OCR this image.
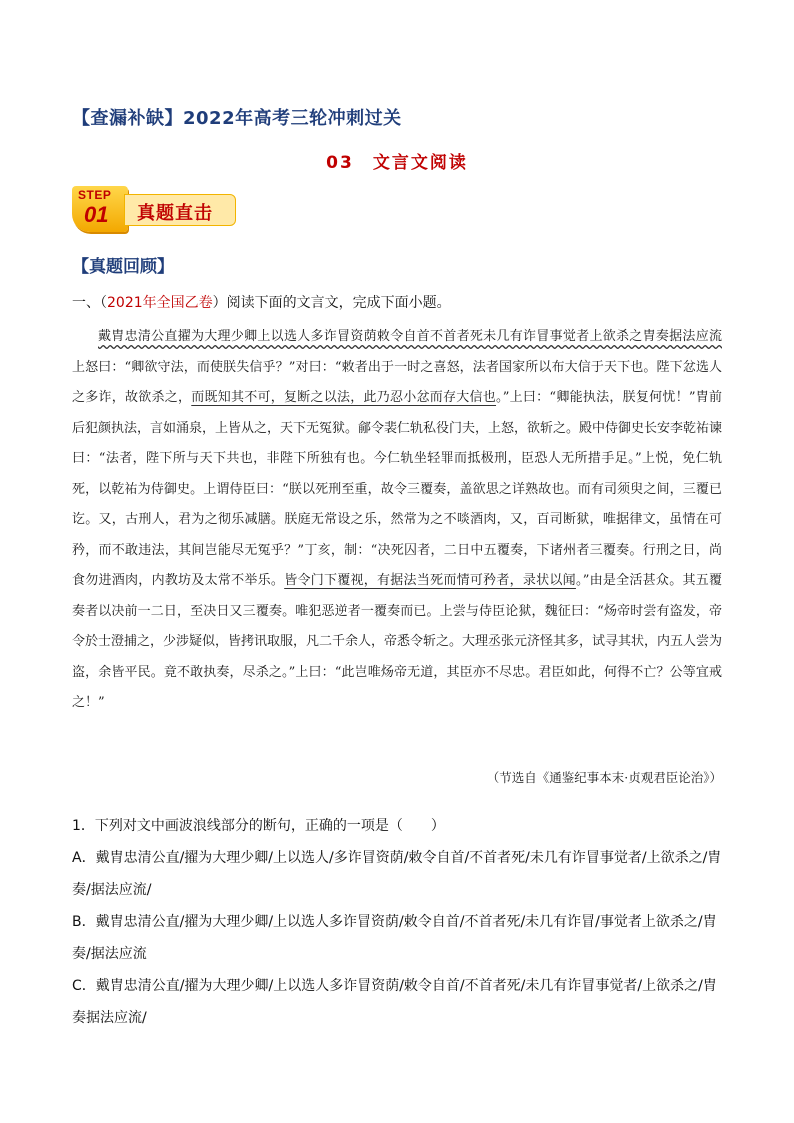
【查漏补缺】2022年高考三轮冲刺过关
03　文言文阅读
STEP
01 真题直击
【真题回顾】
一、（2021年全国乙卷）阅读下面的文言文，完成下面小题。
戴胄忠清公直擢为大理少卿上以选人多诈冒资荫敕令自首不首者死未几有诈冒事觉者上欲杀之胄奏据法应流上怒曰：“卿欲守法，而使朕失信乎？”对曰：“敕者出于一时之喜怒，法者国家所以布大信于天下也。陛下忿选人之多诈，故欲杀之，而既知其不可，复断之以法，此乃忍小忿而存大信也。”上曰：“卿能执法，朕复何忧！”胄前后犯颜执法，言如涌泉，上皆从之，天下无冤狱。鄃令裴仁轨私役门夫，上怒，欲斩之。殿中侍御史长安李乾祐谏曰：“法者，陛下所与天下共也，非陛下所独有也。今仁轨坐轻罪而抵极刑，臣恐人无所措手足。”上悦，免仁轨死，以乾祐为侍御史。上谓侍臣曰：“朕以死刑至重，故令三覆奏，盖欲思之详熟故也。而有司须臾之间，三覆已讫。又，古刑人，君为之彻乐减膳。朕庭无常设之乐，然常为之不啖酒肉，又，百司断狱，唯据律文，虽情在可矜，而不敢违法，其间岂能尽无冤乎？”丁亥，制：“决死囚者，二日中五覆奏，下诸州者三覆奏。行刑之日，尚食勿进酒肉，内教坊及太常不举乐。皆令门下覆视，有据法当死而情可矜者，录状以闻。”由是全活甚众。其五覆奏者以决前一二日，至决日又三覆奏。唯犯恶逆者一覆奏而已。上尝与侍臣论狱，魏征曰：“炀帝时尝有盗发，帝令於士澄捕之，少涉疑似，皆拷讯取服，凡二千余人，帝悉令斩之。大理丞张元济怪其多，试寻其状，内五人尝为盗，余皆平民。竟不敢执奏，尽杀之。”上曰：“此岂唯炀帝无道，其臣亦不尽忠。君臣如此，何得不亡？公等宜戒之！”
（节选自《通鉴纪事本末·贞观君臣论治》）
1．下列对文中画波浪线部分的断句，正确的一项是（　　）
A．戴胄忠清公直/擢为大理少卿/上以选人/多诈冒资荫/敕令自首/不首者死/未几有诈冒事觉者/上欲杀之/胄奏/据法应流/
B．戴胄忠清公直/擢为大理少卿/上以选人多诈冒资荫/敕令自首/不首者死/未几有诈冒/事觉者上欲杀之/胄奏/据法应流
C．戴胄忠清公直/擢为大理少卿/上以选人多诈冒资荫/敕令自首/不首者死/未几有诈冒事觉者/上欲杀之/胄奏据法应流/
